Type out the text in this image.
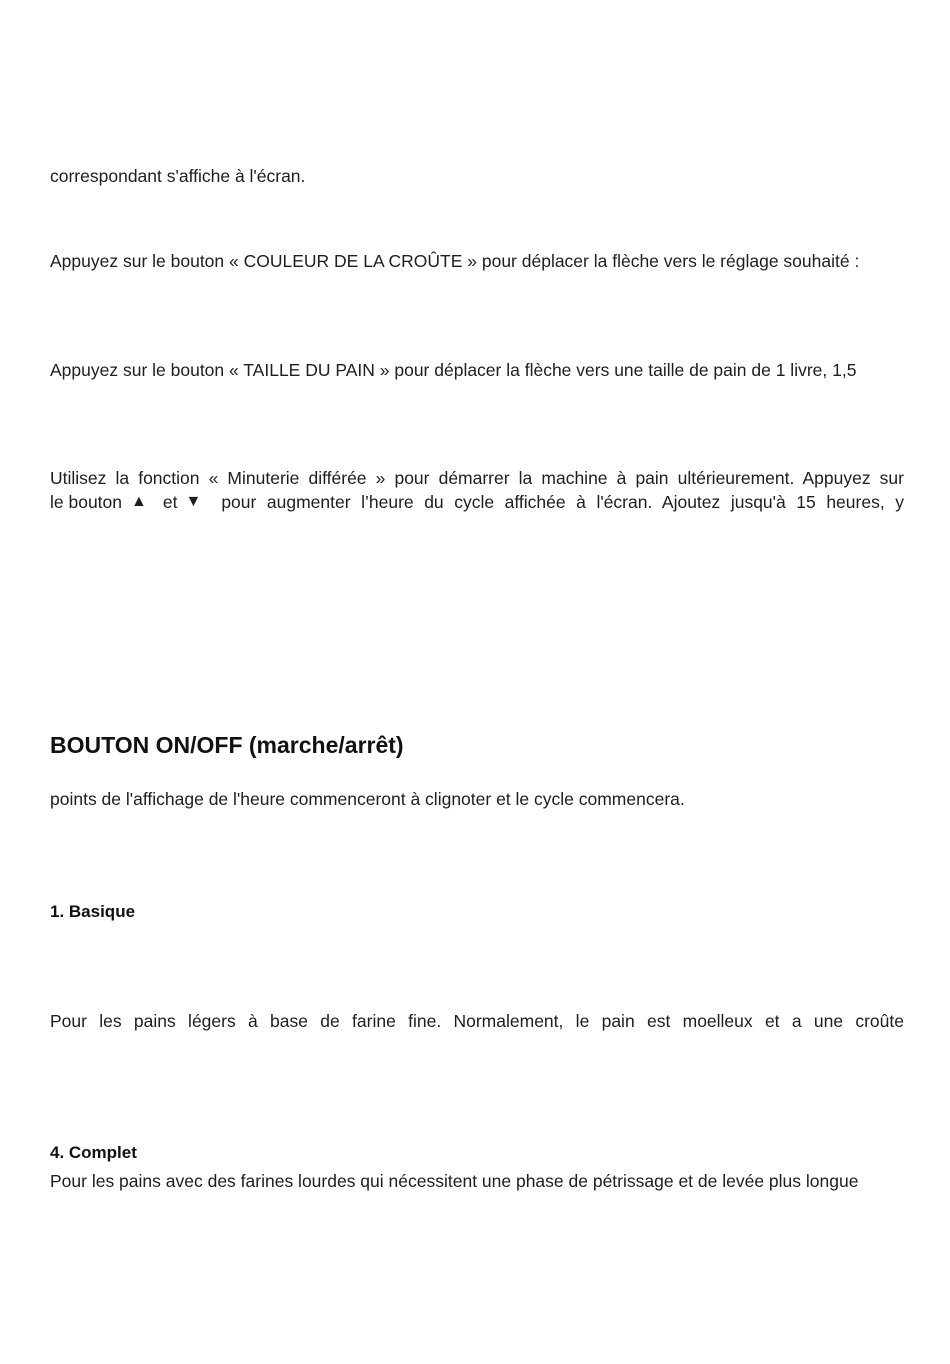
correspondant s'affiche à l'écran.

Appuyez sur le bouton « COULEUR DE LA CROÛTE » pour déplacer la flèche vers le réglage souhaité :

Appuyez sur le bouton « TAILLE DU PAIN » pour déplacer la flèche vers une taille de pain de 1 livre, 1,5

Utilisez la fonction « Minuterie différée » pour démarrer la machine à pain ultérieurement. Appuyez sur

le bouton ▲ et ▼ pour augmenter l’heure du cycle affichée à l'écran. Ajoutez jusqu'à 15 heures, y
BOUTON ON/OFF (marche/arrêt)

points de l'affichage de l'heure commenceront à clignoter et le cycle commencera.

1. Basique

Pour les pains légers à base de farine fine. Normalement, le pain est moelleux et a une croûte

4. Complet

Pour les pains avec des farines lourdes qui nécessitent une phase de pétrissage et de levée plus longue
